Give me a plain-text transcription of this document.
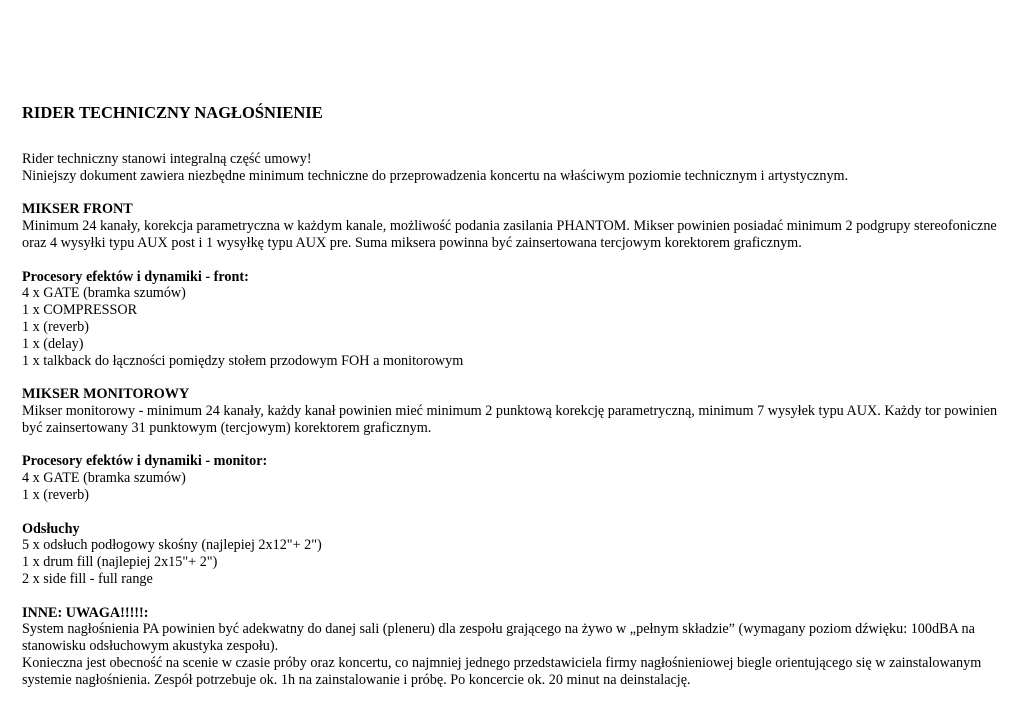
RIDER TECHNICZNY NAGŁOŚNIENIE
Rider techniczny stanowi integralną część umowy!
Niniejszy dokument zawiera niezbędne minimum techniczne do przeprowadzenia koncertu na właściwym poziomie technicznym i artystycznym.
MIKSER FRONT
Minimum 24 kanały, korekcja parametryczna w każdym kanale, możliwość podania zasilania PHANTOM. Mikser powinien posiadać minimum 2 podgrupy stereofoniczne oraz 4 wysyłki typu AUX post i 1 wysyłkę typu AUX pre. Suma miksera powinna być zainsertowana tercjowym korektorem graficznym.
Procesory efektów i dynamiki - front:
4 x GATE (bramka szumów)
1 x COMPRESSOR
1 x (reverb)
1 x (delay)
1 x talkback do łączności pomiędzy stołem przodowym FOH a monitorowym
MIKSER MONITOROWY
Mikser monitorowy - minimum 24 kanały, każdy kanał powinien mieć minimum 2 punktową korekcję parametryczną, minimum 7 wysyłek typu AUX. Każdy tor powinien być zainsertowany 31 punktowym (tercjowym) korektorem graficznym.
Procesory efektów i dynamiki - monitor:
4 x GATE (bramka szumów)
1 x (reverb)
Odsłuchy
5 x odsłuch podłogowy skośny (najlepiej 2x12"+ 2")
1 x drum fill (najlepiej 2x15"+ 2")
2 x side fill - full range
INNE: UWAGA!!!!!:
System nagłośnienia PA powinien być adekwatny do danej sali (pleneru) dla zespołu grającego na żywo w „pełnym składzie” (wymagany poziom dźwięku: 100dBA na stanowisku odsłuchowym akustyka zespołu).
Konieczna jest obecność na scenie w czasie próby oraz koncertu, co najmniej jednego przedstawiciela firmy nagłośnieniowej biegle orientującego się w zainstalowanym systemie nagłośnienia. Zespół potrzebuje ok. 1h na zainstalowanie i próbę. Po koncercie ok. 20 minut na deinstalację.
